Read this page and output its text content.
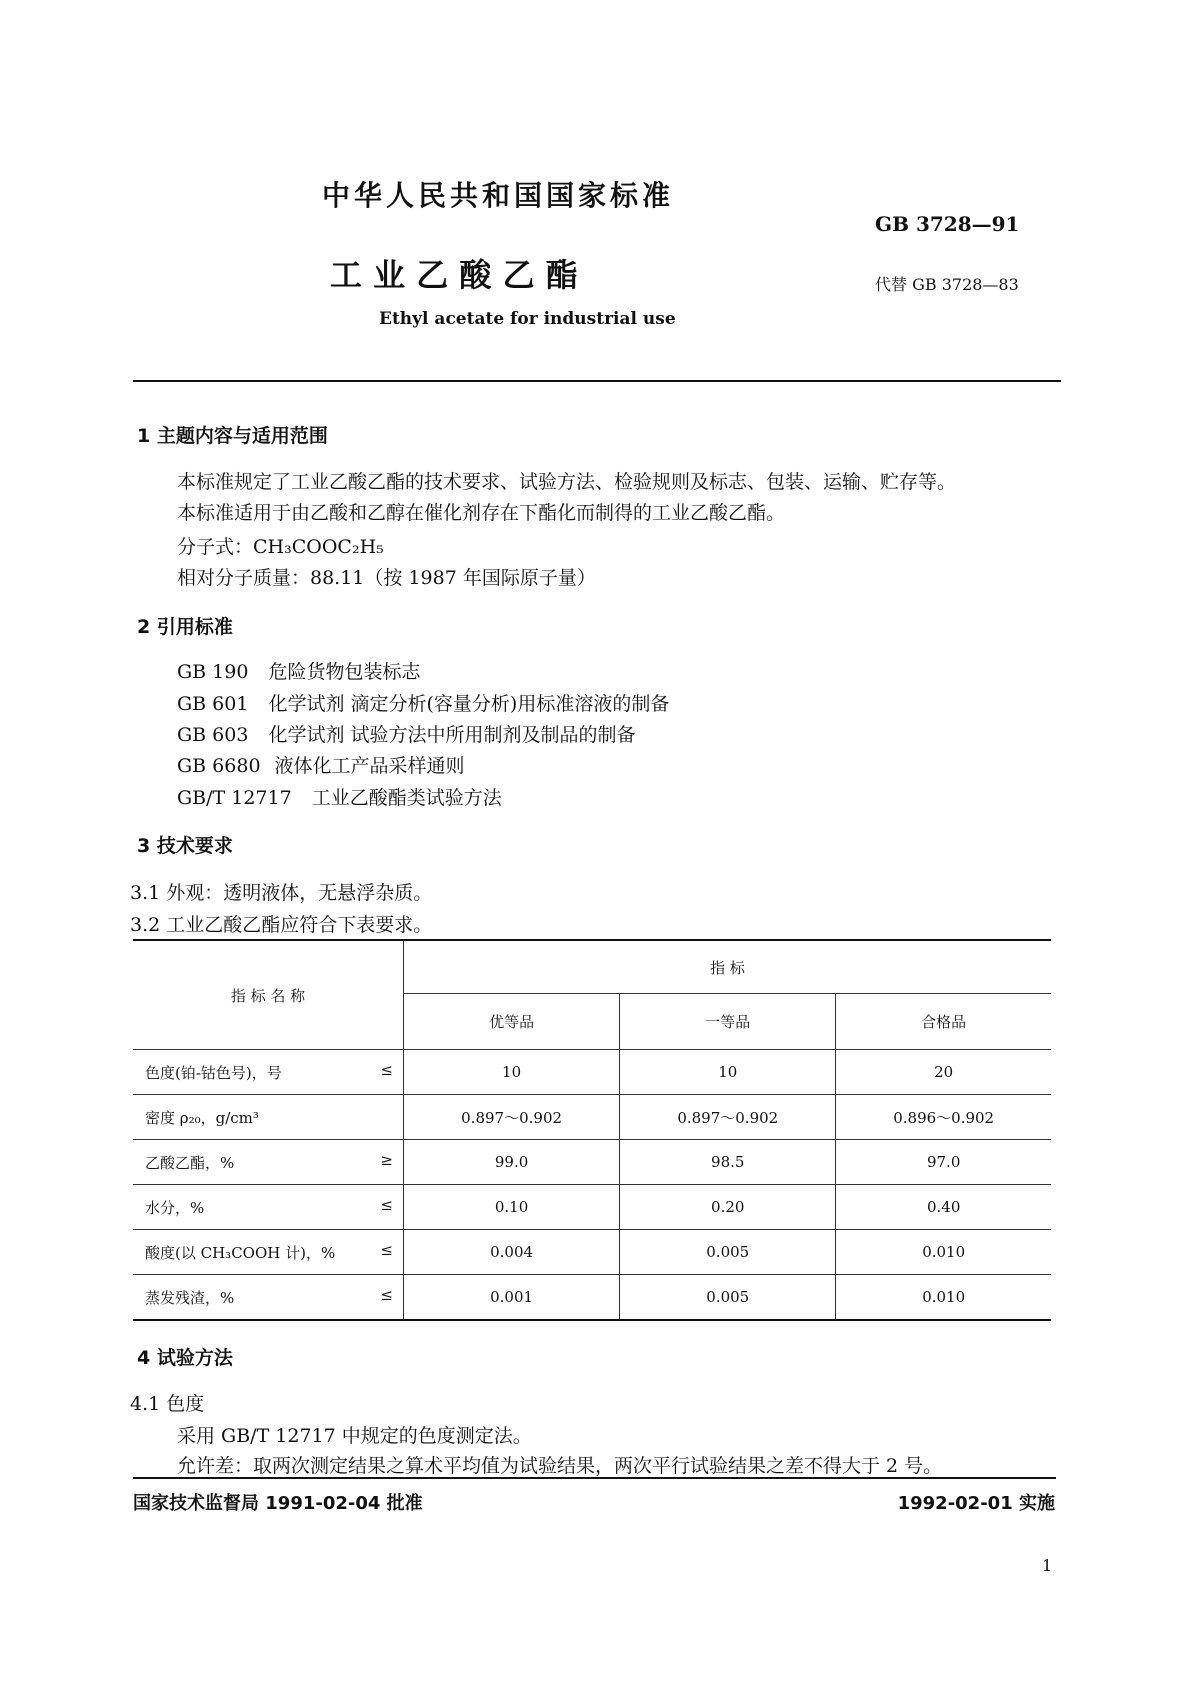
中华人民共和国国家标准
GB 3728—91
工 业 乙 酸 乙 酯	代替 GB 3728—83
Ethyl acetate for industrial use
1 主题内容与适用范围
本标准规定了工业乙酸乙酯的技术要求、试验方法、检验规则及标志、包装、运输、贮存等。
本标准适用于由乙酸和乙醇在催化剂存在下酯化而制得的工业乙酸乙酯。
分子式：CH₃COOC₂H₅
相对分子质量：88.11（按 1987 年国际原子量）
2 引用标准
GB 190 危险货物包装标志
GB 601 化学试剂 滴定分析(容量分析)用标准溶液的制备
GB 603 化学试剂 试验方法中所用制剂及制品的制备
GB 6680 液体化工产品采样通则
GB/T 12717 工业乙酸酯类试验方法
3 技术要求
3.1 外观：透明液体，无悬浮杂质。
3.2 工业乙酸乙酯应符合下表要求。
指 标 名 称	指 标		
	优等品	一等品	合格品
色度(铂-钴色号)，号 ≤	10	10	20
密度 ρ₂₀，g/cm³	0.897～0.902	0.897～0.902	0.896～0.902
乙酸乙酯，% ≥	99.0	98.5	97.0
水分，% ≤	0.10	0.20	0.40
酸度(以 CH₃COOH 计)，% ≤	0.004	0.005	0.010
蒸发残渣，% ≤	0.001	0.005	0.010
4 试验方法
4.1 色度
采用 GB/T 12717 中规定的色度测定法。
允许差：取两次测定结果之算术平均值为试验结果，两次平行试验结果之差不得大于 2 号。
国家技术监督局 1991-02-04 批准	1992-02-01 实施
1
